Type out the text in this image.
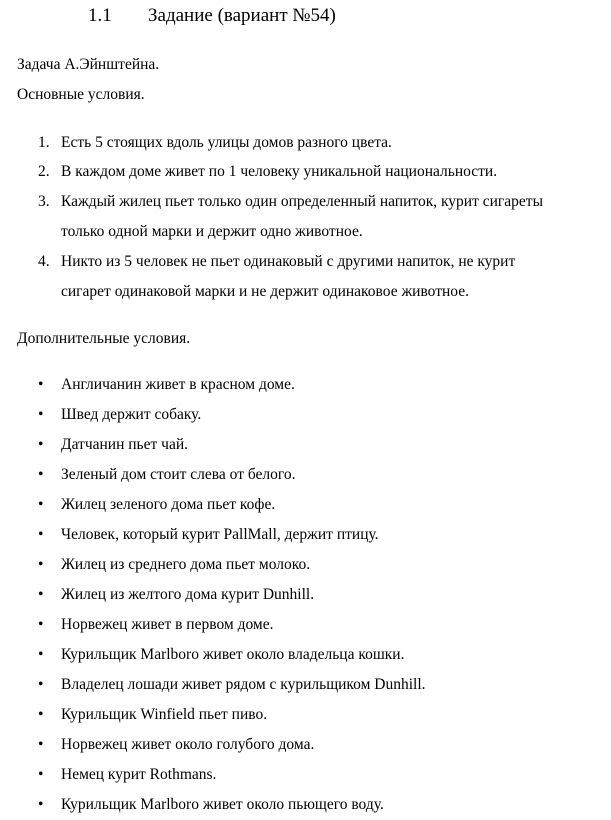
1.1 Задание (вариант №54)
Задача А.Эйнштейна.
Основные условия.
1. Есть 5 стоящих вдоль улицы домов разного цвета.
2. В каждом доме живет по 1 человеку уникальной национальности.
3. Каждый жилец пьет только один определенный напиток, курит сигареты
только одной марки и держит одно животное.
4. Никто из 5 человек не пьет одинаковый с другими напиток, не курит
сигарет одинаковой марки и не держит одинаковое животное.
Дополнительные условия.
• Англичанин живет в красном доме.
• Швед держит собаку.
• Датчанин пьет чай.
• Зеленый дом стоит слева от белого.
• Жилец зеленого дома пьет кофе.
• Человек, который курит PallMall, держит птицу.
• Жилец из среднего дома пьет молоко.
• Жилец из желтого дома курит Dunhill.
• Норвежец живет в первом доме.
• Курильщик Marlboro живет около владельца кошки.
• Владелец лошади живет рядом с курильщиком Dunhill.
• Курильщик Winfield пьет пиво.
• Норвежец живет около голубого дома.
• Немец курит Rothmans.
• Курильщик Marlboro живет около пьющего воду.
